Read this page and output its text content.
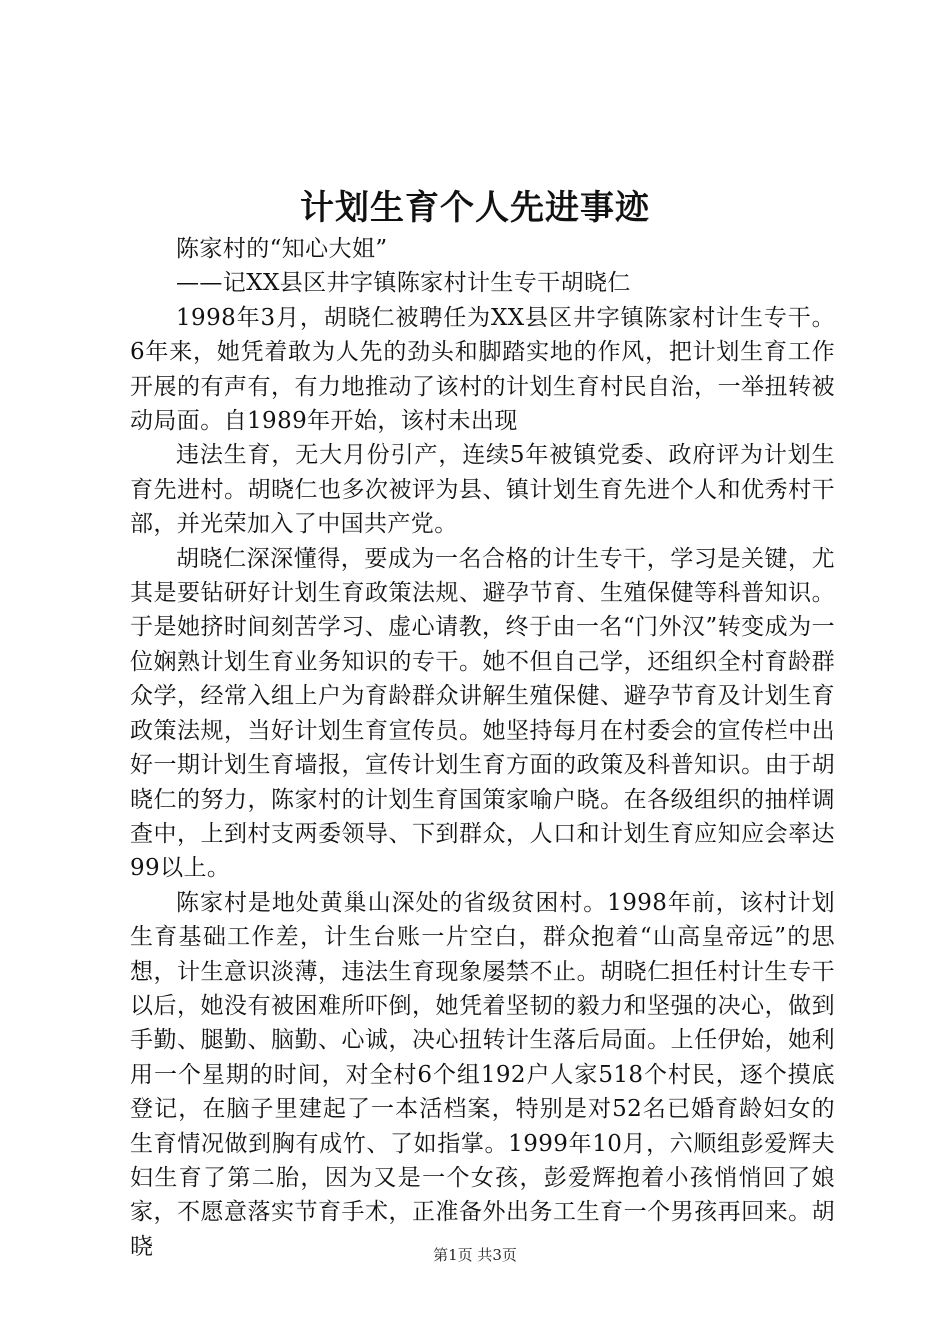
计划生育个人先进事迹

陈家村的“知心大姐”

——记XX县区井字镇陈家村计生专干胡晓仁

1998年3月，胡晓仁被聘任为XX县区井字镇陈家村计生专干。6年来，她凭着敢为人先的劲头和脚踏实地的作风，把计划生育工作开展的有声有，有力地推动了该村的计划生育村民自治，一举扭转被动局面。自1989年开始，该村未出现

违法生育，无大月份引产，连续5年被镇党委、政府评为计划生育先进村。胡晓仁也多次被评为县、镇计划生育先进个人和优秀村干部，并光荣加入了中国共产党。

胡晓仁深深懂得，要成为一名合格的计生专干，学习是关键，尤其是要钻研好计划生育政策法规、避孕节育、生殖保健等科普知识。于是她挤时间刻苦学习、虚心请教，终于由一名“门外汉”转变成为一位娴熟计划生育业务知识的专干。她不但自己学，还组织全村育龄群众学，经常入组上户为育龄群众讲解生殖保健、避孕节育及计划生育政策法规，当好计划生育宣传员。她坚持每月在村委会的宣传栏中出好一期计划生育墙报，宣传计划生育方面的政策及科普知识。由于胡晓仁的努力，陈家村的计划生育国策家喻户晓。在各级组织的抽样调查中，上到村支两委领导、下到群众，人口和计划生育应知应会率达99以上。

陈家村是地处黄巢山深处的省级贫困村。1998年前，该村计划生育基础工作差，计生台账一片空白，群众抱着“山高皇帝远”的思想，计生意识淡薄，违法生育现象屡禁不止。胡晓仁担任村计生专干以后，她没有被困难所吓倒，她凭着坚韧的毅力和坚强的决心，做到手勤、腿勤、脑勤、心诚，决心扭转计生落后局面。上任伊始，她利用一个星期的时间，对全村6个组192户人家518个村民，逐个摸底登记，在脑子里建起了一本活档案，特别是对52名已婚育龄妇女的生育情况做到胸有成竹、了如指掌。1999年10月，六顺组彭爱辉夫妇生育了第二胎，因为又是一个女孩，彭爱辉抱着小孩悄悄回了娘家，不愿意落实节育手术，正准备外出务工生育一个男孩再回来。胡晓	第1页 共3页
